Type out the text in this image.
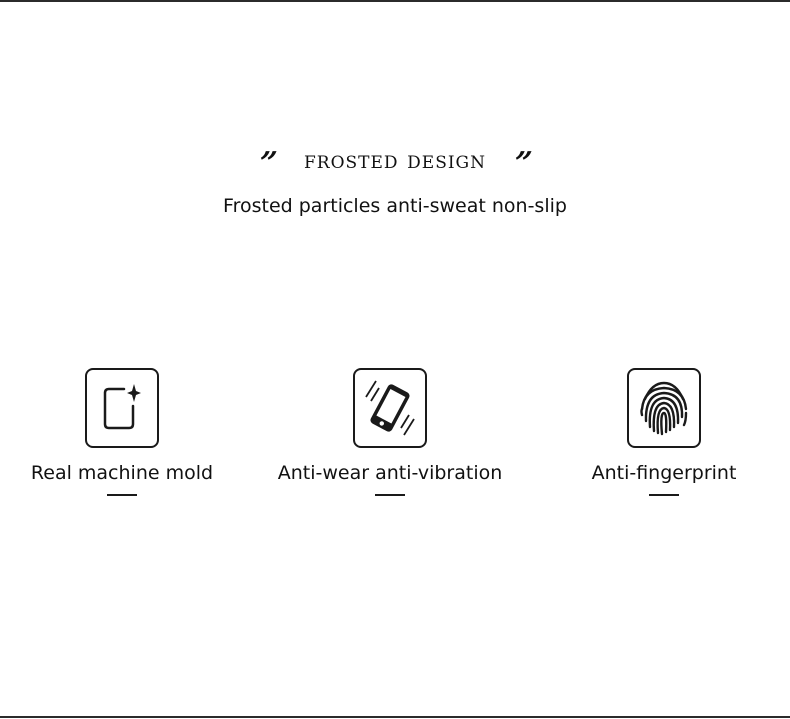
” frosted design ”
Frosted particles anti-sweat non-slip
Real machine mold	Anti-wear anti-vibration	Anti-fingerprint
